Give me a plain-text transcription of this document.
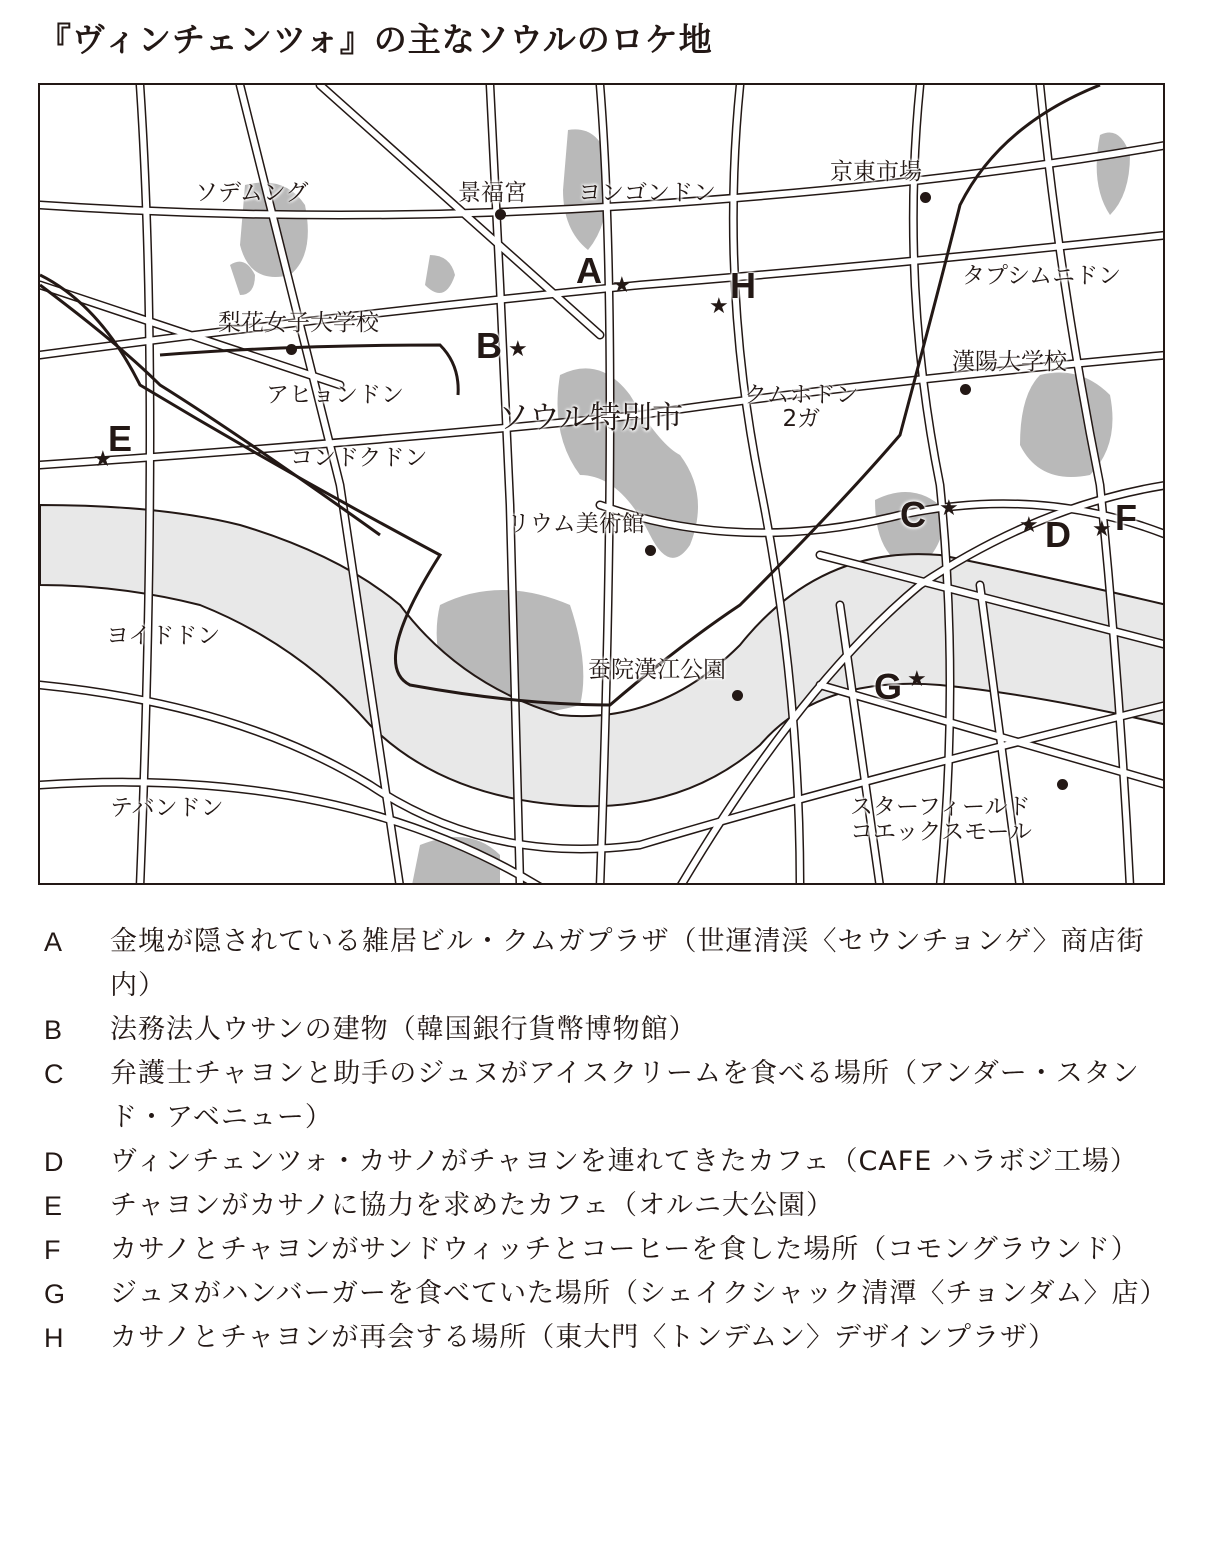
『ヴィンチェンツォ』の主なソウルのロケ地
ソデムング	景福宮 ヨンゴンドン
京東市場
タプシムニドン
梨花女子大学校
漢陽大学校
アヒョンドン	クムホドン
2ガ
コンドクドン
リウム美術館
ヨイドドン
蚕院漢江公園
テバンドン	スターフィールド
コエックスモール
ソウル特別市
A ★
B ★
C ★
D
★
E
★
F
★
G ★
H
★
A	金塊が隠されている雑居ビル・クムガプラザ（世運清渓〈セウンチョンゲ〉商店街内）
B	法務法人ウサンの建物（韓国銀行貨幣博物館）
C	弁護士チャヨンと助手のジュヌがアイスクリームを食べる場所（アンダー・スタンド・アベニュー）
D	ヴィンチェンツォ・カサノがチャヨンを連れてきたカフェ（CAFE ハラボジ工場）
E	チャヨンがカサノに協力を求めたカフェ（オルニ大公園）
F	カサノとチャヨンがサンドウィッチとコーヒーを食した場所（コモングラウンド）
G	ジュヌがハンバーガーを食べていた場所（シェイクシャック清潭〈チョンダム〉店）
H	カサノとチャヨンが再会する場所（東大門〈トンデムン〉デザインプラザ）
